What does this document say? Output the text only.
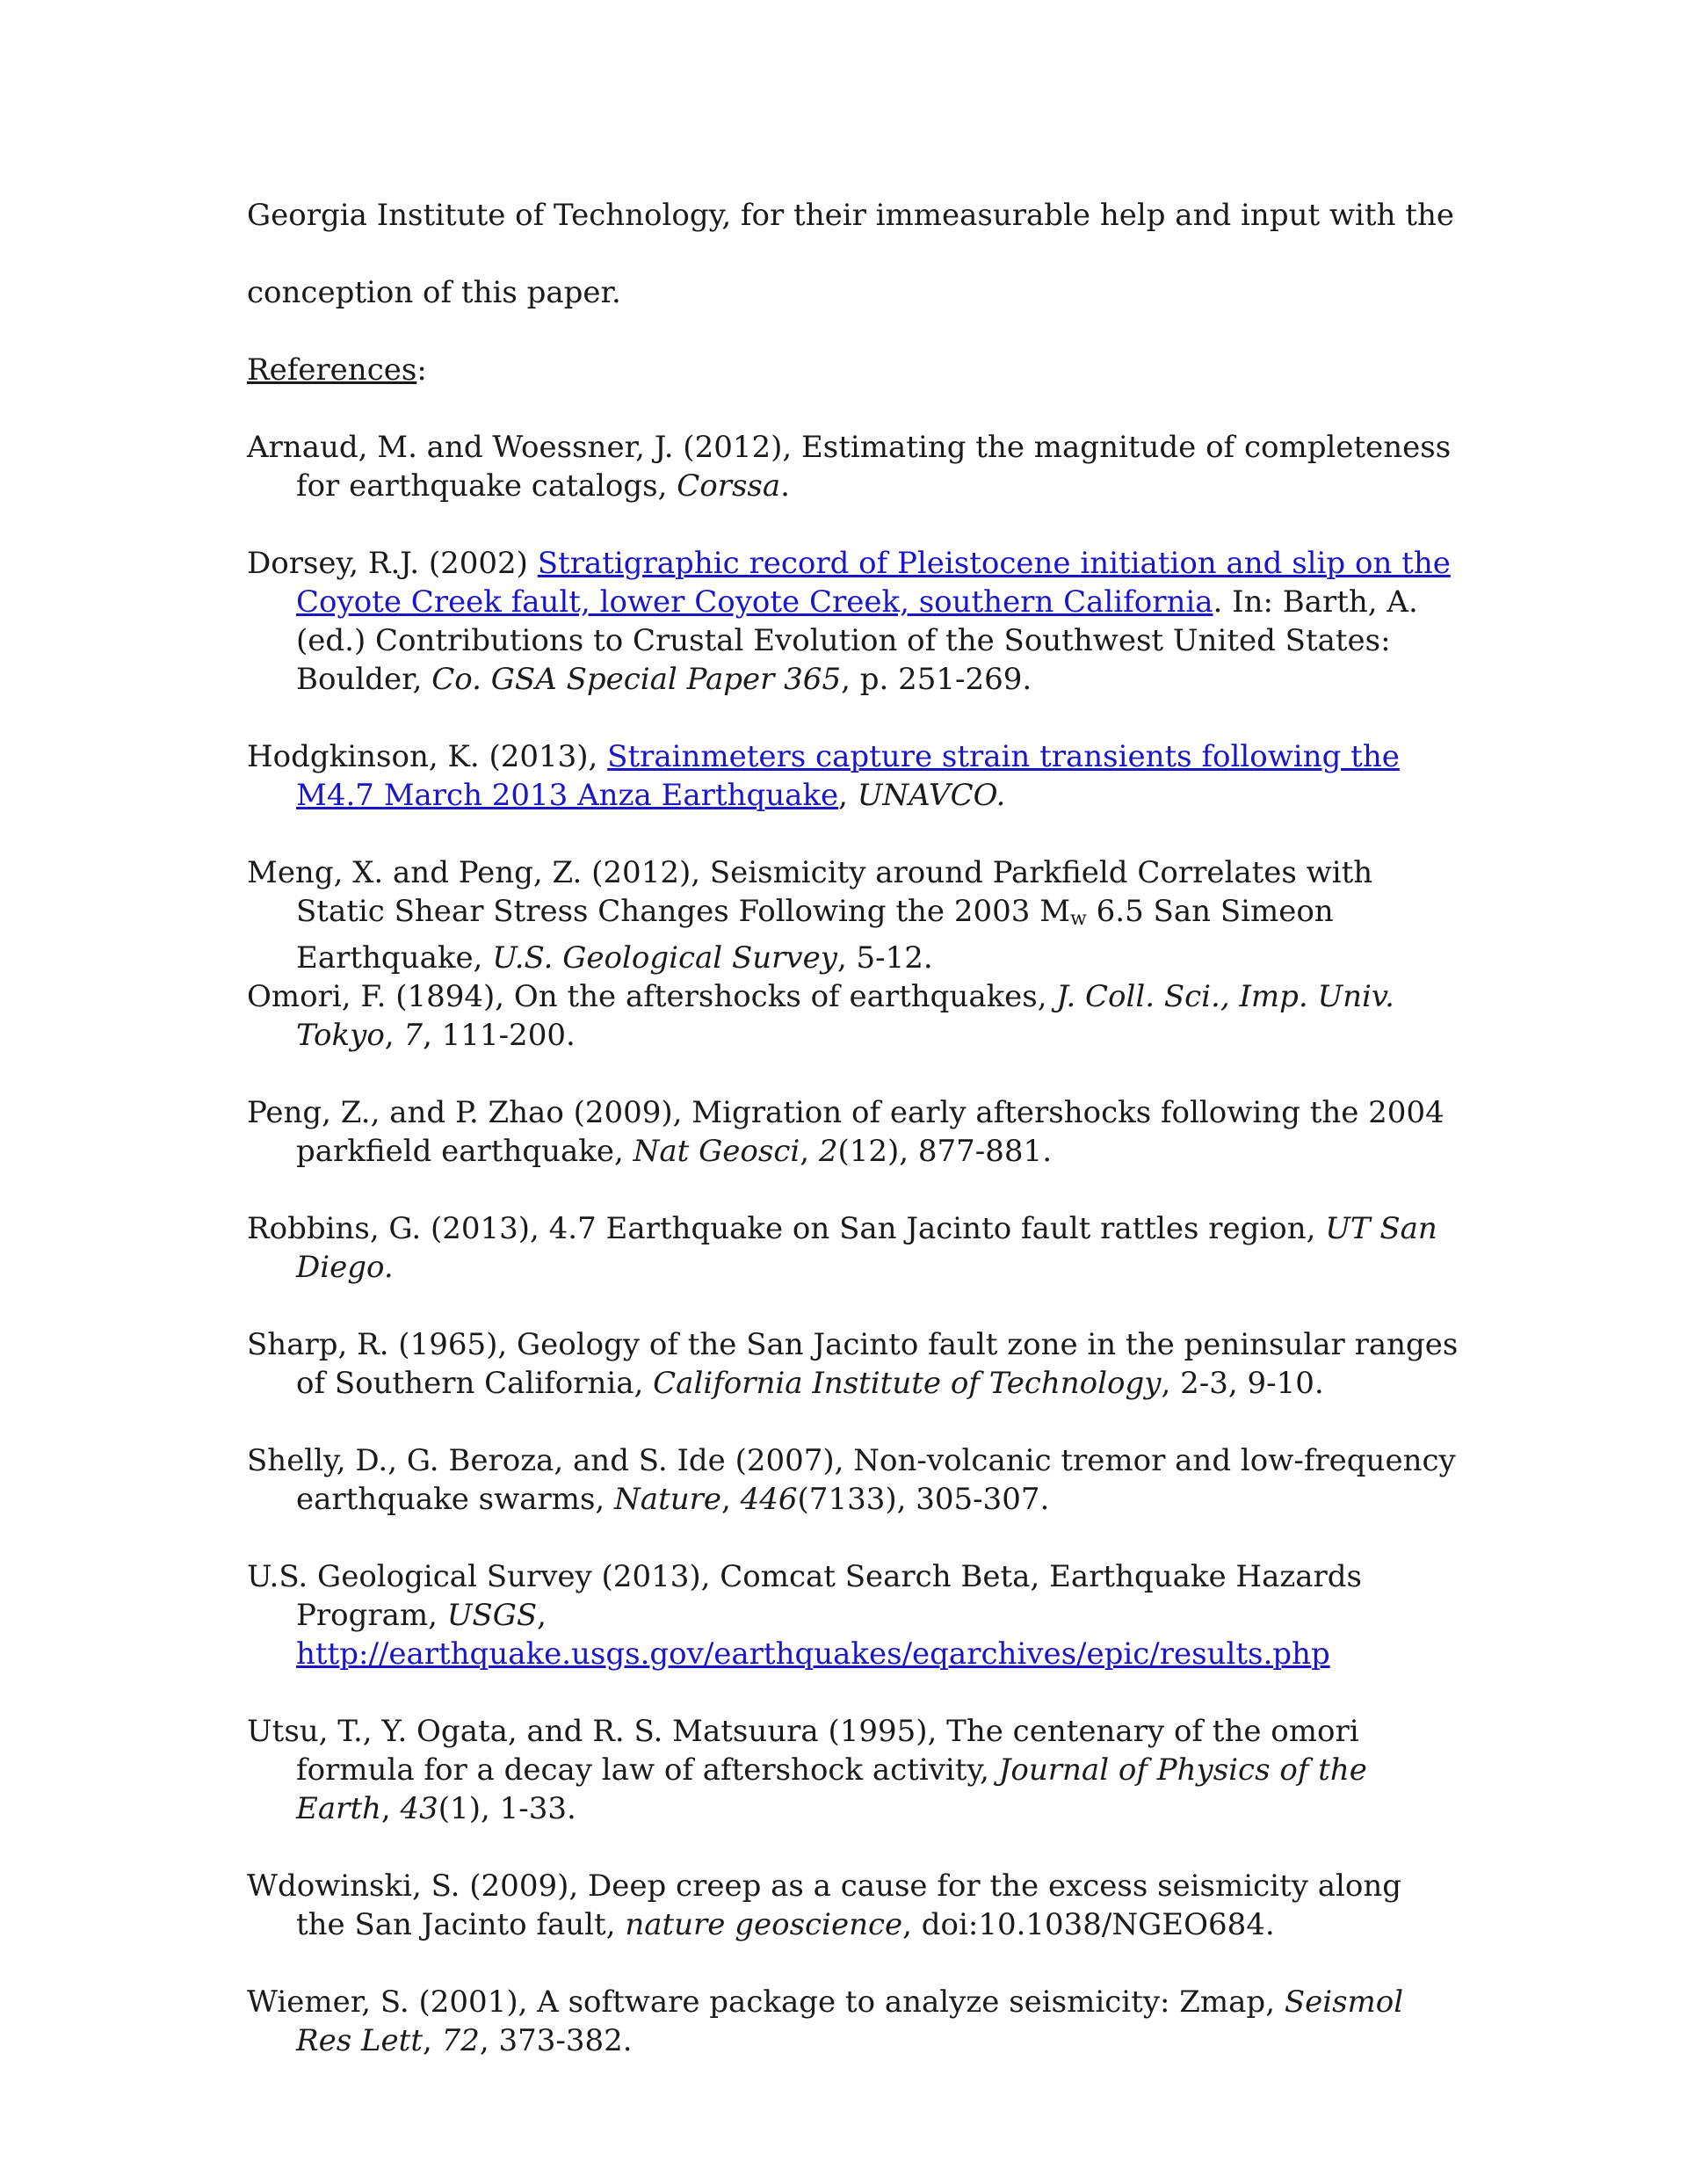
Georgia Institute of Technology, for their immeasurable help and input with the

conception of this paper.

References:

Arnaud, M. and Woessner, J. (2012), Estimating the magnitude of completeness for earthquake catalogs, Corssa.

Dorsey, R.J. (2002) Stratigraphic record of Pleistocene initiation and slip on the Coyote Creek fault, lower Coyote Creek, southern California. In: Barth, A. (ed.) Contributions to Crustal Evolution of the Southwest United States: Boulder, Co. GSA Special Paper 365, p. 251-269.

Hodgkinson, K. (2013), Strainmeters capture strain transients following the M4.7 March 2013 Anza Earthquake, UNAVCO.

Meng, X. and Peng, Z. (2012), Seismicity around Parkfield Correlates with Static Shear Stress Changes Following the 2003 Mw 6.5 San Simeon Earthquake, U.S. Geological Survey, 5-12.

Omori, F. (1894), On the aftershocks of earthquakes, J. Coll. Sci., Imp. Univ. Tokyo, 7, 111-200.

Peng, Z., and P. Zhao (2009), Migration of early aftershocks following the 2004 parkfield earthquake, Nat Geosci, 2(12), 877-881.

Robbins, G. (2013), 4.7 Earthquake on San Jacinto fault rattles region, UT San Diego.

Sharp, R. (1965), Geology of the San Jacinto fault zone in the peninsular ranges of Southern California, California Institute of Technology, 2-3, 9-10.

Shelly, D., G. Beroza, and S. Ide (2007), Non-volcanic tremor and low-frequency earthquake swarms, Nature, 446(7133), 305-307.

U.S. Geological Survey (2013), Comcat Search Beta, Earthquake Hazards Program, USGS, http://earthquake.usgs.gov/earthquakes/eqarchives/epic/results.php

Utsu, T., Y. Ogata, and R. S. Matsuura (1995), The centenary of the omori formula for a decay law of aftershock activity, Journal of Physics of the Earth, 43(1), 1-33.

Wdowinski, S. (2009), Deep creep as a cause for the excess seismicity along the San Jacinto fault, nature geoscience, doi:10.1038/NGEO684.

Wiemer, S. (2001), A software package to analyze seismicity: Zmap, Seismol Res Lett, 72, 373-382.
